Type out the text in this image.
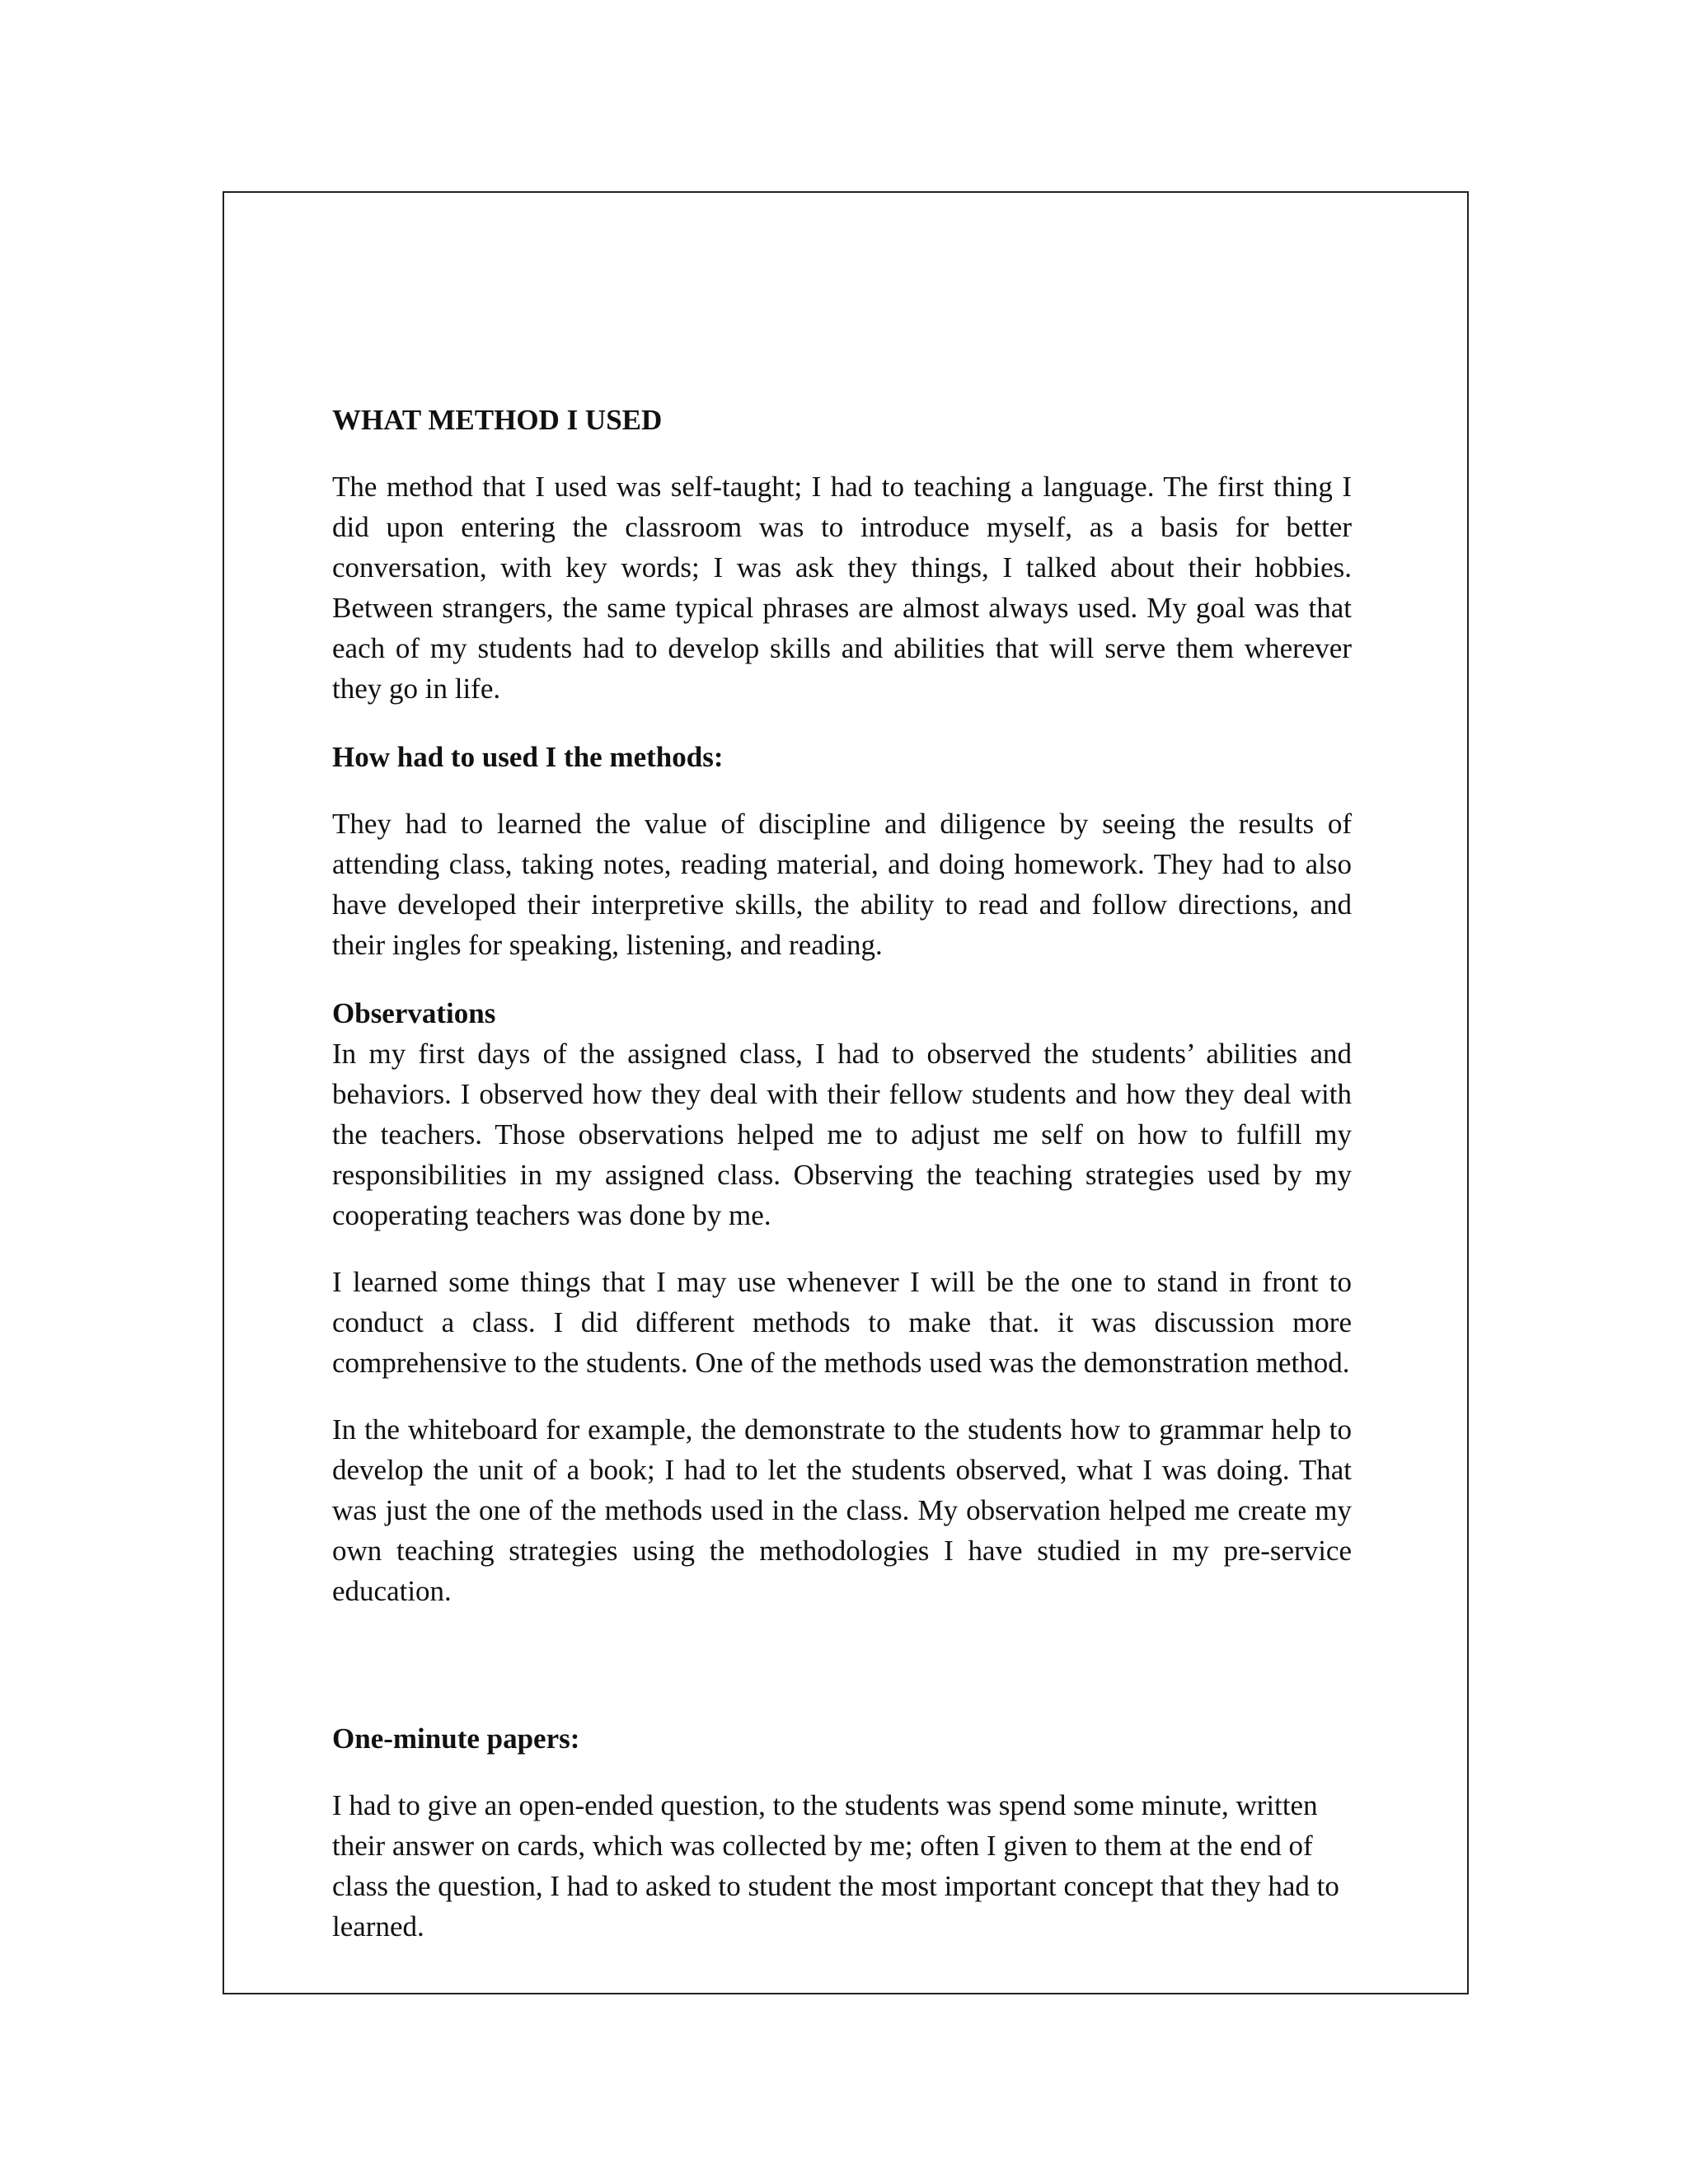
WHAT METHOD I USED

The method that I used was self-taught; I had to teaching a language. The first thing I did upon entering the classroom was to introduce myself, as a basis for better conversation, with key words; I was ask they things, I talked about their hobbies. Between strangers, the same typical phrases are almost always used. My goal was that each of my students had to develop skills and abilities that will serve them wherever they go in life.

How had to used I the methods:

They had to learned the value of discipline and diligence by seeing the results of attending class, taking notes, reading material, and doing homework. They had to also have developed their interpretive skills, the ability to read and follow directions, and their ingles for speaking, listening, and reading.

Observations

In my first days of the assigned class, I had to observed the students’ abilities and behaviors. I observed how they deal with their fellow students and how they deal with the teachers. Those observations helped me to adjust me self on how to fulfill my responsibilities in my assigned class. Observing the teaching strategies used by my cooperating teachers was done by me.

I learned some things that I may use whenever I will be the one to stand in front to conduct a class. I did different methods to make that. it was discussion more comprehensive to the students. One of the methods used was the demonstration method.

In the whiteboard for example, the demonstrate to the students how to grammar help to develop the unit of a book; I had to let the students observed, what I was doing. That was just the one of the methods used in the class. My observation helped me create my own teaching strategies using the methodologies I have studied in my pre-service education.

One-minute papers:

I had to give an open-ended question, to the students was spend some minute, written their answer on cards, which was collected by me; often I given to them at the end of class the question, I had to asked to student the most important concept that they had to learned.
